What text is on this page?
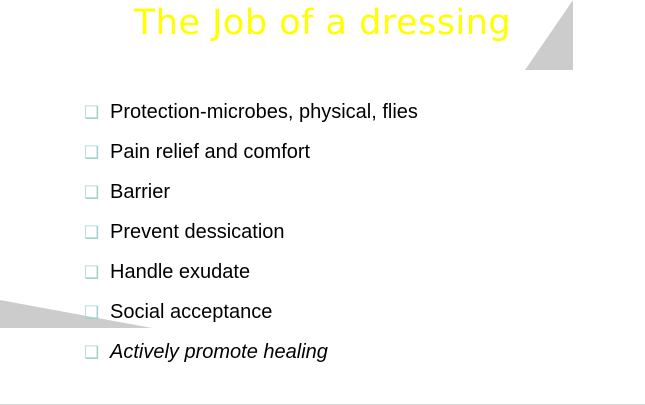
The Job of a dressing
❑ Protection-microbes, physical, flies
❑ Pain relief and comfort
❑ Barrier
❑ Prevent dessication
❑ Handle exudate
❑ Social acceptance
❑ Actively promote healing
